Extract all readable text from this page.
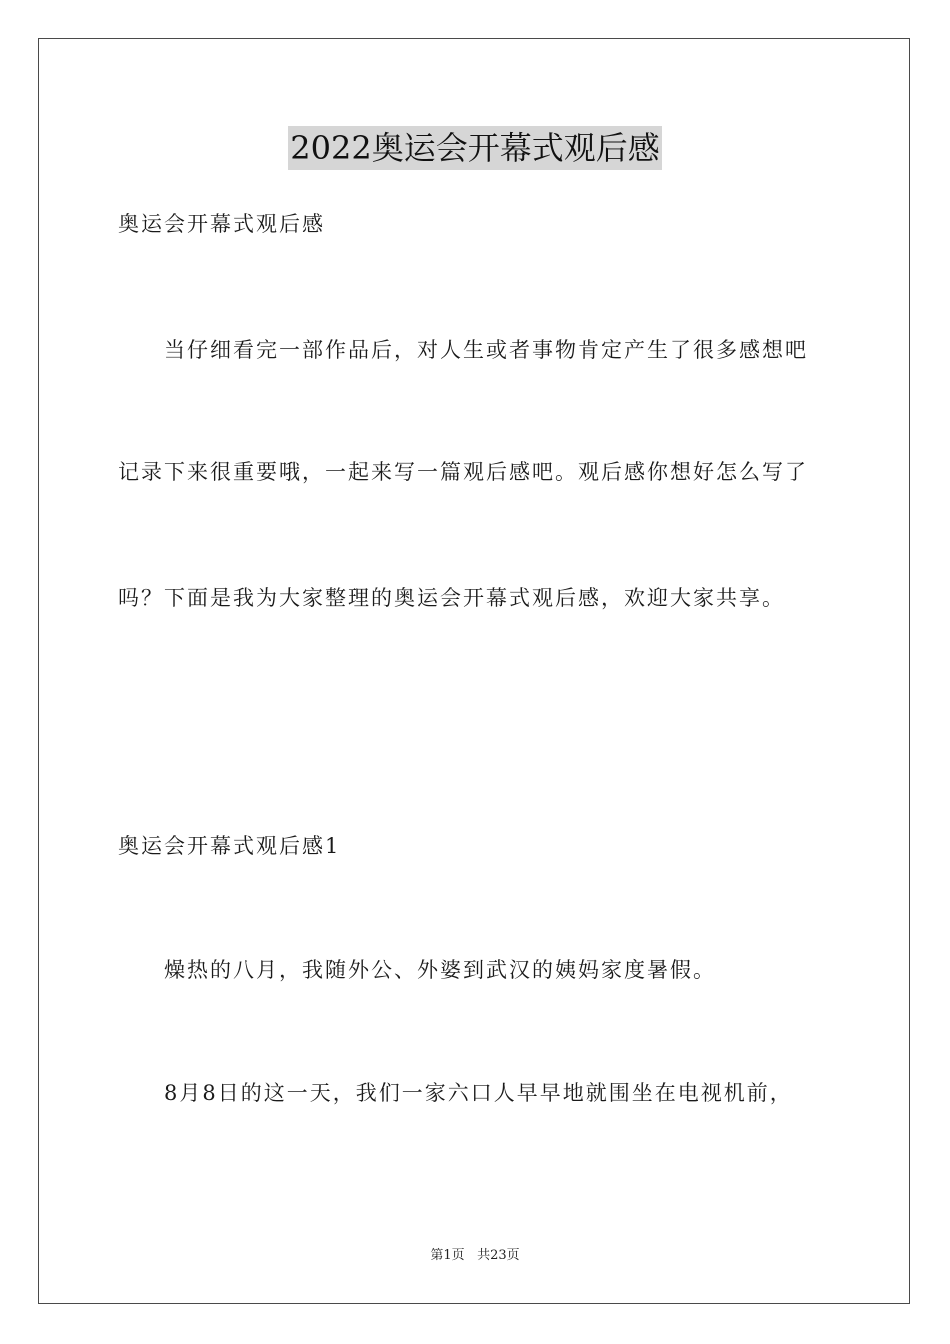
2022奥运会开幕式观后感
奥运会开幕式观后感
当仔细看完一部作品后，对人生或者事物肯定产生了很多感想吧
记录下来很重要哦，一起来写一篇观后感吧。观后感你想好怎么写了
吗？下面是我为大家整理的奥运会开幕式观后感，欢迎大家共享。
奥运会开幕式观后感1
燥热的八月，我随外公、外婆到武汉的姨妈家度暑假。
8月8日的这一天，我们一家六口人早早地就围坐在电视机前，
第1页 共23页
